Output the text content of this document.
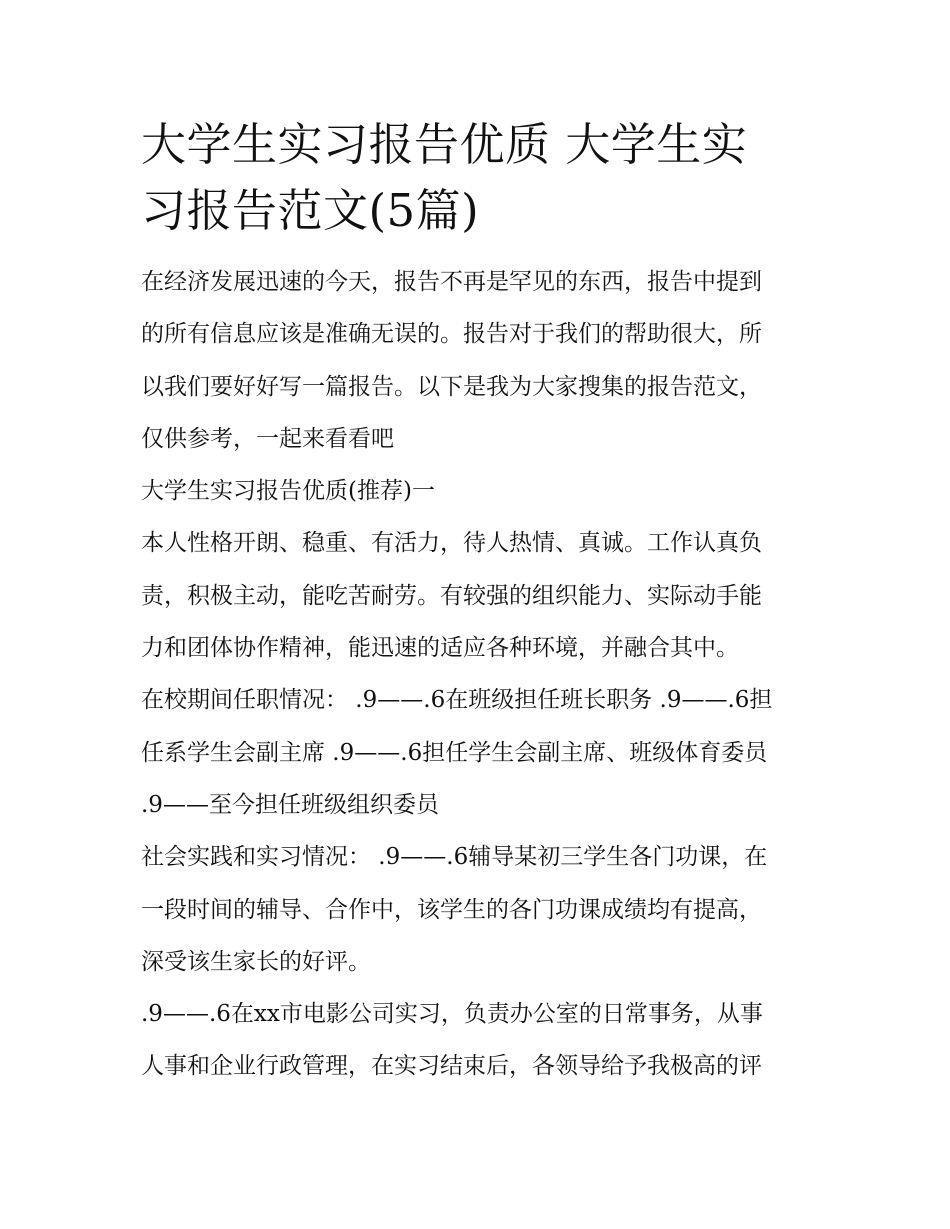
大学生实习报告优质 大学生实
习报告范文(5篇)

在经济发展迅速的今天，报告不再是罕见的东西，报告中提到

的所有信息应该是准确无误的。报告对于我们的帮助很大，所

以我们要好好写一篇报告。以下是我为大家搜集的报告范文，

仅供参考，一起来看看吧

大学生实习报告优质(推荐)一

本人性格开朗、稳重、有活力，待人热情、真诚。工作认真负

责，积极主动，能吃苦耐劳。有较强的组织能力、实际动手能

力和团体协作精神，能迅速的适应各种环境，并融合其中。

在校期间任职情况： .9——.6在班级担任班长职务 .9——.6担

任系学生会副主席 .9——.6担任学生会副主席、班级体育委员

.9——至今担任班级组织委员

社会实践和实习情况： .9——.6辅导某初三学生各门功课，在

一段时间的辅导、合作中，该学生的各门功课成绩均有提高，

深受该生家长的好评。

.9——.6在xx市电影公司实习，负责办公室的日常事务，从事

人事和企业行政管理，在实习结束后，各领导给予我极高的评
